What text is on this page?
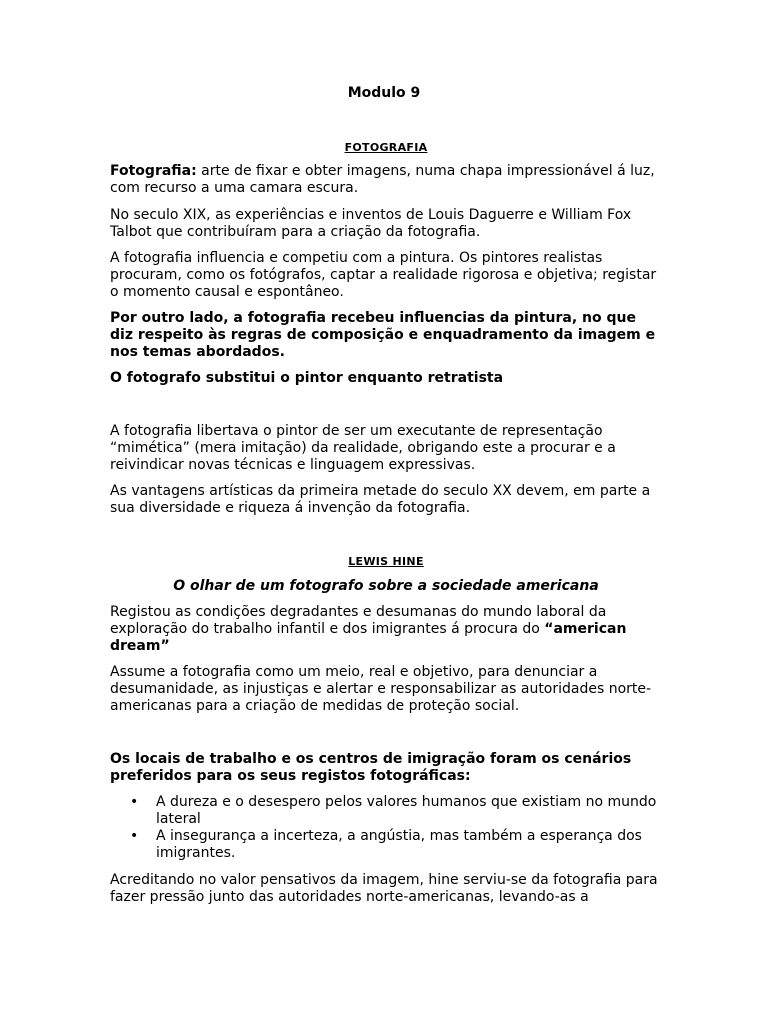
Modulo 9
FOTOGRAFIA

Fotografia: arte de fixar e obter imagens, numa chapa impressionável á luz, com recurso a uma camara escura.

No seculo XIX, as experiências e inventos de Louis Daguerre e William Fox Talbot que contribuíram para a criação da fotografia.

A fotografia influencia e competiu com a pintura. Os pintores realistas procuram, como os fotógrafos, captar a realidade rigorosa e objetiva; registar o momento causal e espontâneo.

Por outro lado, a fotografia recebeu influencias da pintura, no que diz respeito às regras de composição e enquadramento da imagem e nos temas abordados.

O fotografo substitui o pintor enquanto retratista

A fotografia libertava o pintor de ser um executante de representação “mimética” (mera imitação) da realidade, obrigando este a procurar e a reivindicar novas técnicas e linguagem expressivas.

As vantagens artísticas da primeira metade do seculo XX devem, em parte a sua diversidade e riqueza á invenção da fotografia.

LEWIS HINE
O olhar de um fotografo sobre a sociedade americana

Registou as condições degradantes e desumanas do mundo laboral da exploração do trabalho infantil e dos imigrantes á procura do “american dream”

Assume a fotografia como um meio, real e objetivo, para denunciar a desumanidade, as injustiças e alertar e responsabilizar as autoridades norte-americanas para a criação de medidas de proteção social.

Os locais de trabalho e os centros de imigração foram os cenários preferidos para os seus registos fotográficas:

• A dureza e o desespero pelos valores humanos que existiam no mundo lateral
• A insegurança a incerteza, a angústia, mas também a esperança dos imigrantes.

Acreditando no valor pensativos da imagem, hine serviu-se da fotografia para fazer pressão junto das autoridades norte-americanas, levando-as a
